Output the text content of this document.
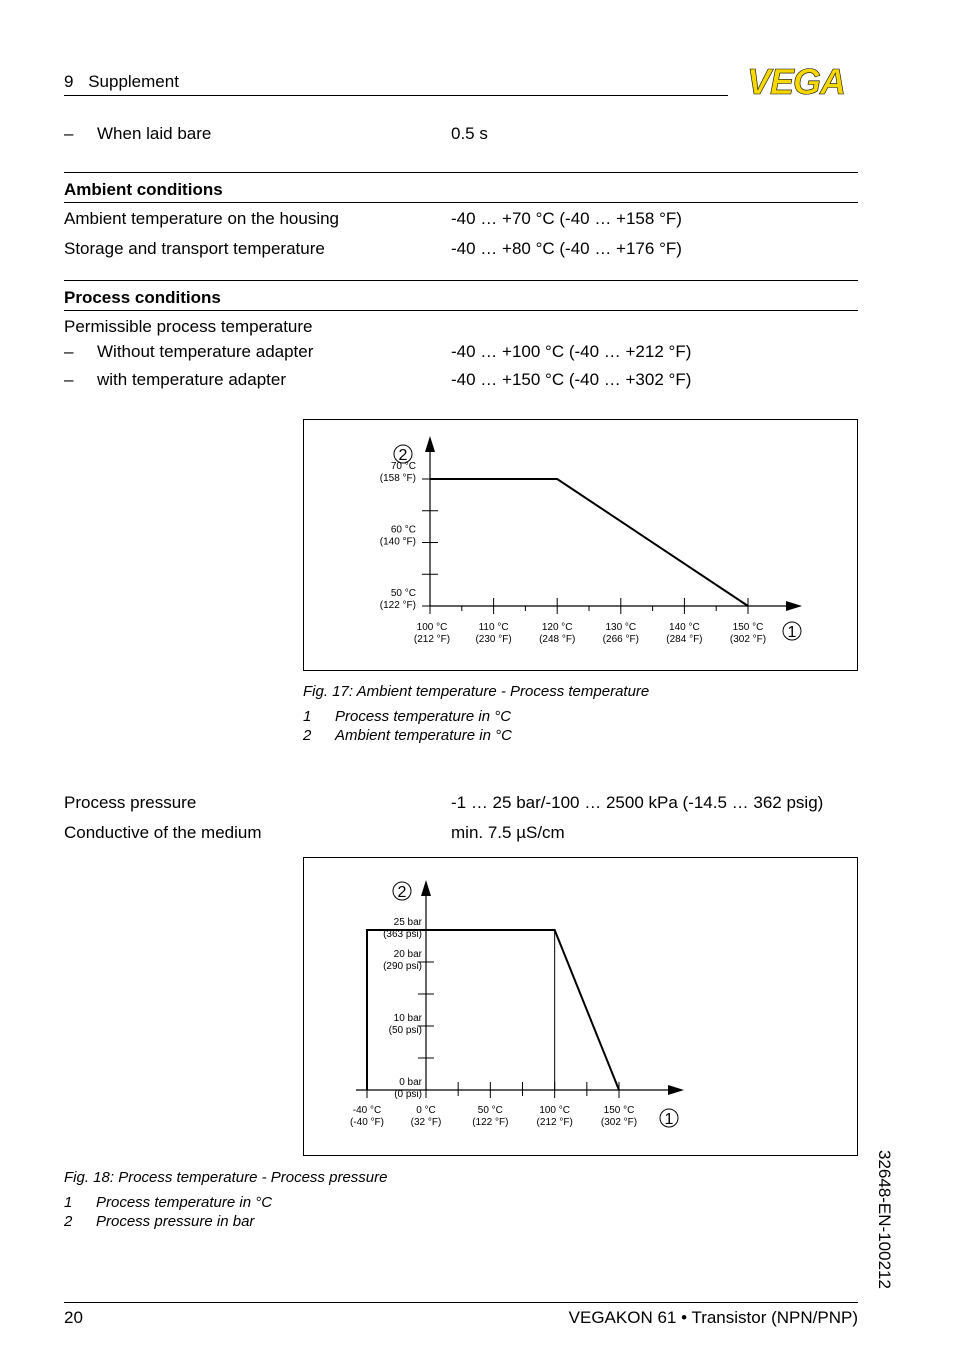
9 Supplement	VEGA
– When laid bare	0.5 s
Ambient conditions
Ambient temperature on the housing	-40 … +70 °C (-40 … +158 °F)
Storage and transport temperature	-40 … +80 °C (-40 … +176 °F)
Process conditions
Permissible process temperature
– Without temperature adapter	-40 … +100 °C (-40 … +212 °F)
– with temperature adapter	-40 … +150 °C (-40 … +302 °F)
100 °C
(212 °F)
110 °C
(230 °F)
120 °C
(248 °F)
130 °C
(266 °F)
140 °C
(284 °F)
150 °C
(302 °F)
50 °C
(122 °F)
60 °C
(140 °F)
70 °C
(158 °F)
2
1
Fig. 17: Ambient temperature - Process temperature
1 Process temperature in °C
2 Ambient temperature in °C
Process pressure	-1 … 25 bar/-100 … 2500 kPa (-14.5 … 362 psig)
Conductive of the medium	min. 7.5 µS/cm
-40 °C
(-40 °F)
0 °C
(32 °F)
50 °C
(122 °F)
100 °C
(212 °F)
150 °C
(302 °F)
0 bar
(0 psi)
10 bar
(50 psi)
20 bar
(290 psi)
25 bar
(363 psi)
2
1
Fig. 18: Process temperature - Process pressure
1 Process temperature in °C
2 Process pressure in bar	32648-EN-100212
20	VEGAKON 61 • Transistor (NPN/PNP)
